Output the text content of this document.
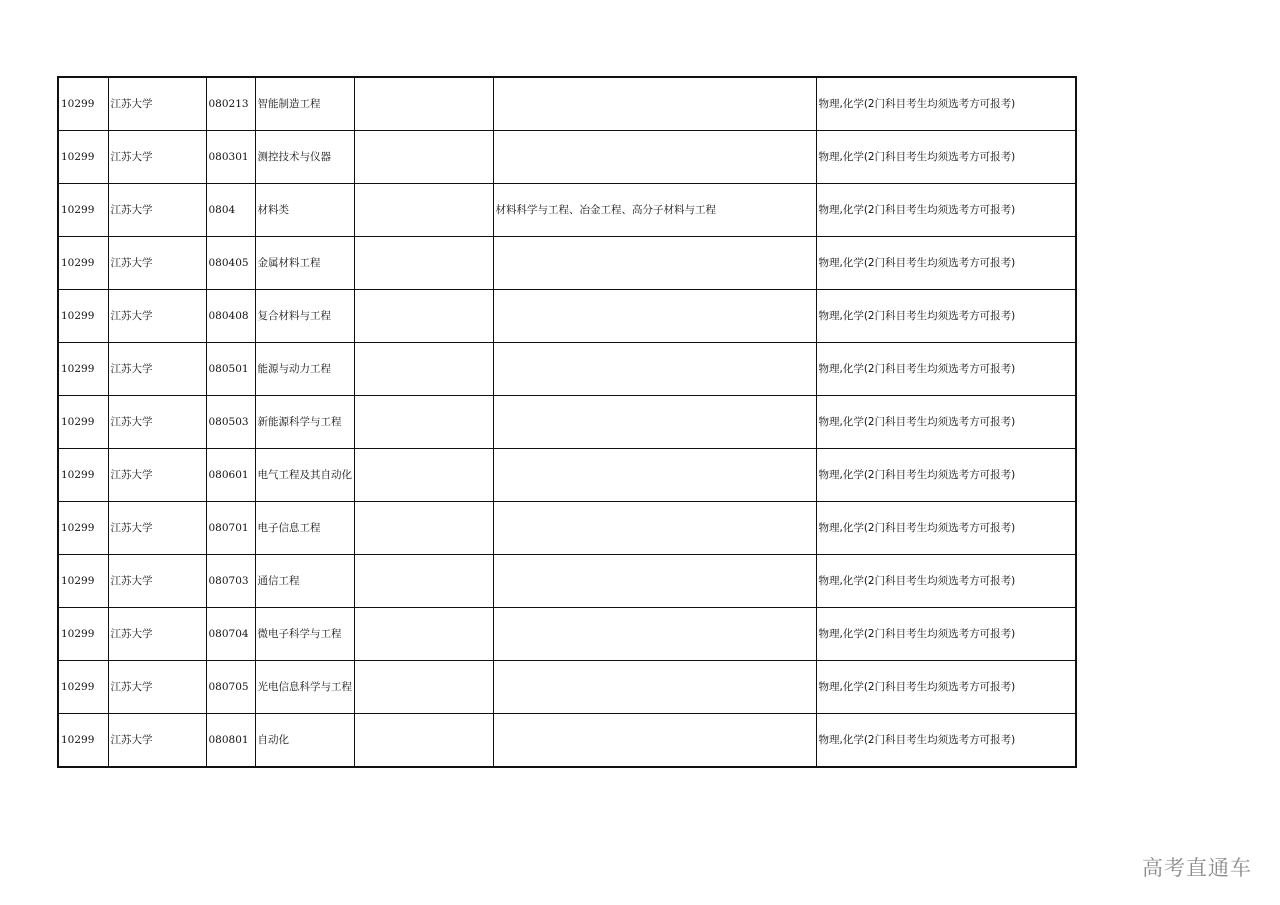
10299	江苏大学	080213	智能制造工程			物理,化学(2门科目考生均须选考方可报考)
10299	江苏大学	080301	测控技术与仪器			物理,化学(2门科目考生均须选考方可报考)
10299	江苏大学	0804	材料类		材料科学与工程、冶金工程、高分子材料与工程	物理,化学(2门科目考生均须选考方可报考)
10299	江苏大学	080405	金属材料工程			物理,化学(2门科目考生均须选考方可报考)
10299	江苏大学	080408	复合材料与工程			物理,化学(2门科目考生均须选考方可报考)
10299	江苏大学	080501	能源与动力工程			物理,化学(2门科目考生均须选考方可报考)
10299	江苏大学	080503	新能源科学与工程			物理,化学(2门科目考生均须选考方可报考)
10299	江苏大学	080601	电气工程及其自动化			物理,化学(2门科目考生均须选考方可报考)
10299	江苏大学	080701	电子信息工程			物理,化学(2门科目考生均须选考方可报考)
10299	江苏大学	080703	通信工程			物理,化学(2门科目考生均须选考方可报考)
10299	江苏大学	080704	微电子科学与工程			物理,化学(2门科目考生均须选考方可报考)
10299	江苏大学	080705	光电信息科学与工程			物理,化学(2门科目考生均须选考方可报考)
10299	江苏大学	080801	自动化			物理,化学(2门科目考生均须选考方可报考)
高考直通车
